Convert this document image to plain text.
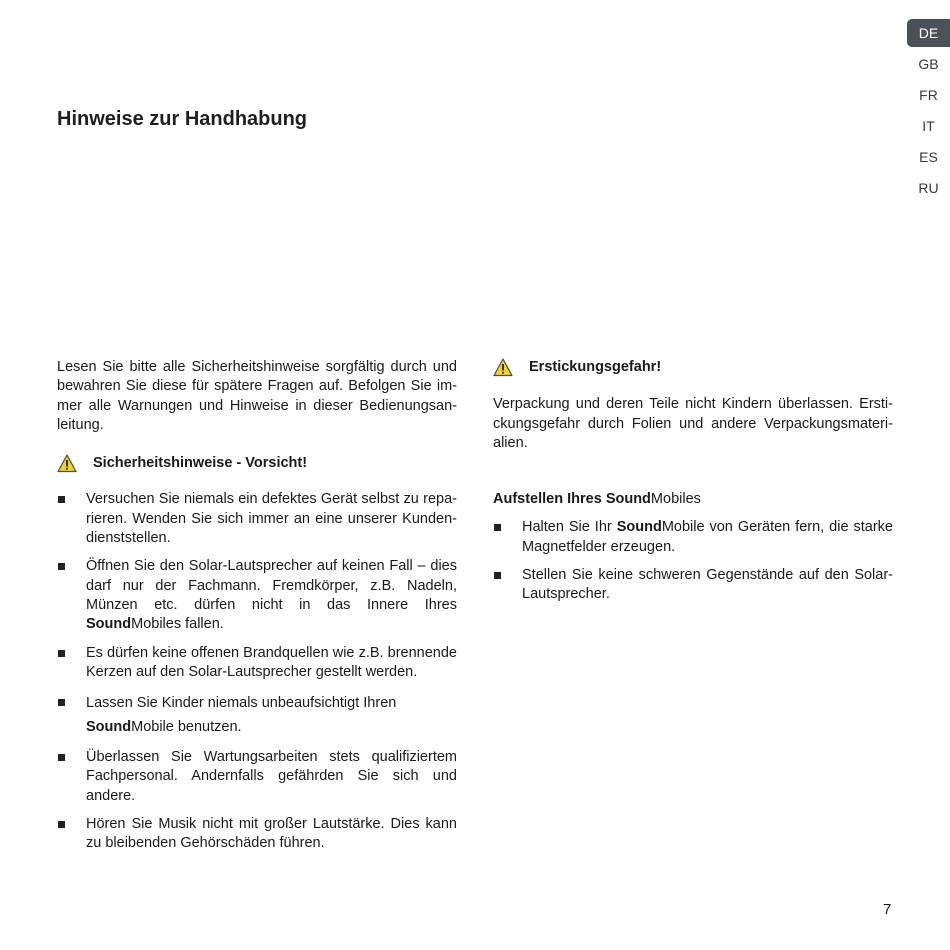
DE
GB
FR
IT
ES
RU
Hinweise zur Handhabung

Lesen Sie bitte alle Sicherheitshinweise sorgfältig durch und bewahren Sie diese für spätere Fragen auf. Befolgen Sie immer alle Warnungen und Hinweise in dieser Bedienungsanleitung.

Sicherheitshinweise - Vorsicht!
Versuchen Sie niemals ein defektes Gerät selbst zu reparieren. Wenden Sie sich immer an eine unserer Kundendienststellen.
Öffnen Sie den Solar-Lautsprecher auf keinen Fall – dies darf nur der Fachmann. Fremdkörper, z.B. Nadeln, Münzen etc. dürfen nicht in das Innere Ihres SoundMobiles fallen.
Es dürfen keine offenen Brandquellen wie z.B. brennende Kerzen auf den Solar-Lautsprecher gestellt werden.
Lassen Sie Kinder niemals unbeaufsichtigt Ihren
SoundMobile benutzen.
Überlassen Sie Wartungsarbeiten stets qualifiziertem Fachpersonal. Andernfalls gefährden Sie sich und andere.
Hören Sie Musik nicht mit großer Lautstärke. Dies kann zu bleibenden Gehörschäden führen.
Erstickungsgefahr!

Verpackung und deren Teile nicht Kindern überlassen. Erstickungsgefahr durch Folien und andere Verpackungsmaterialien.

Aufstellen Ihres SoundMobiles
Halten Sie Ihr SoundMobile von Geräten fern, die starke Magnetfelder erzeugen.
Stellen Sie keine schweren Gegenstände auf den Solar-Lautsprecher.
7
